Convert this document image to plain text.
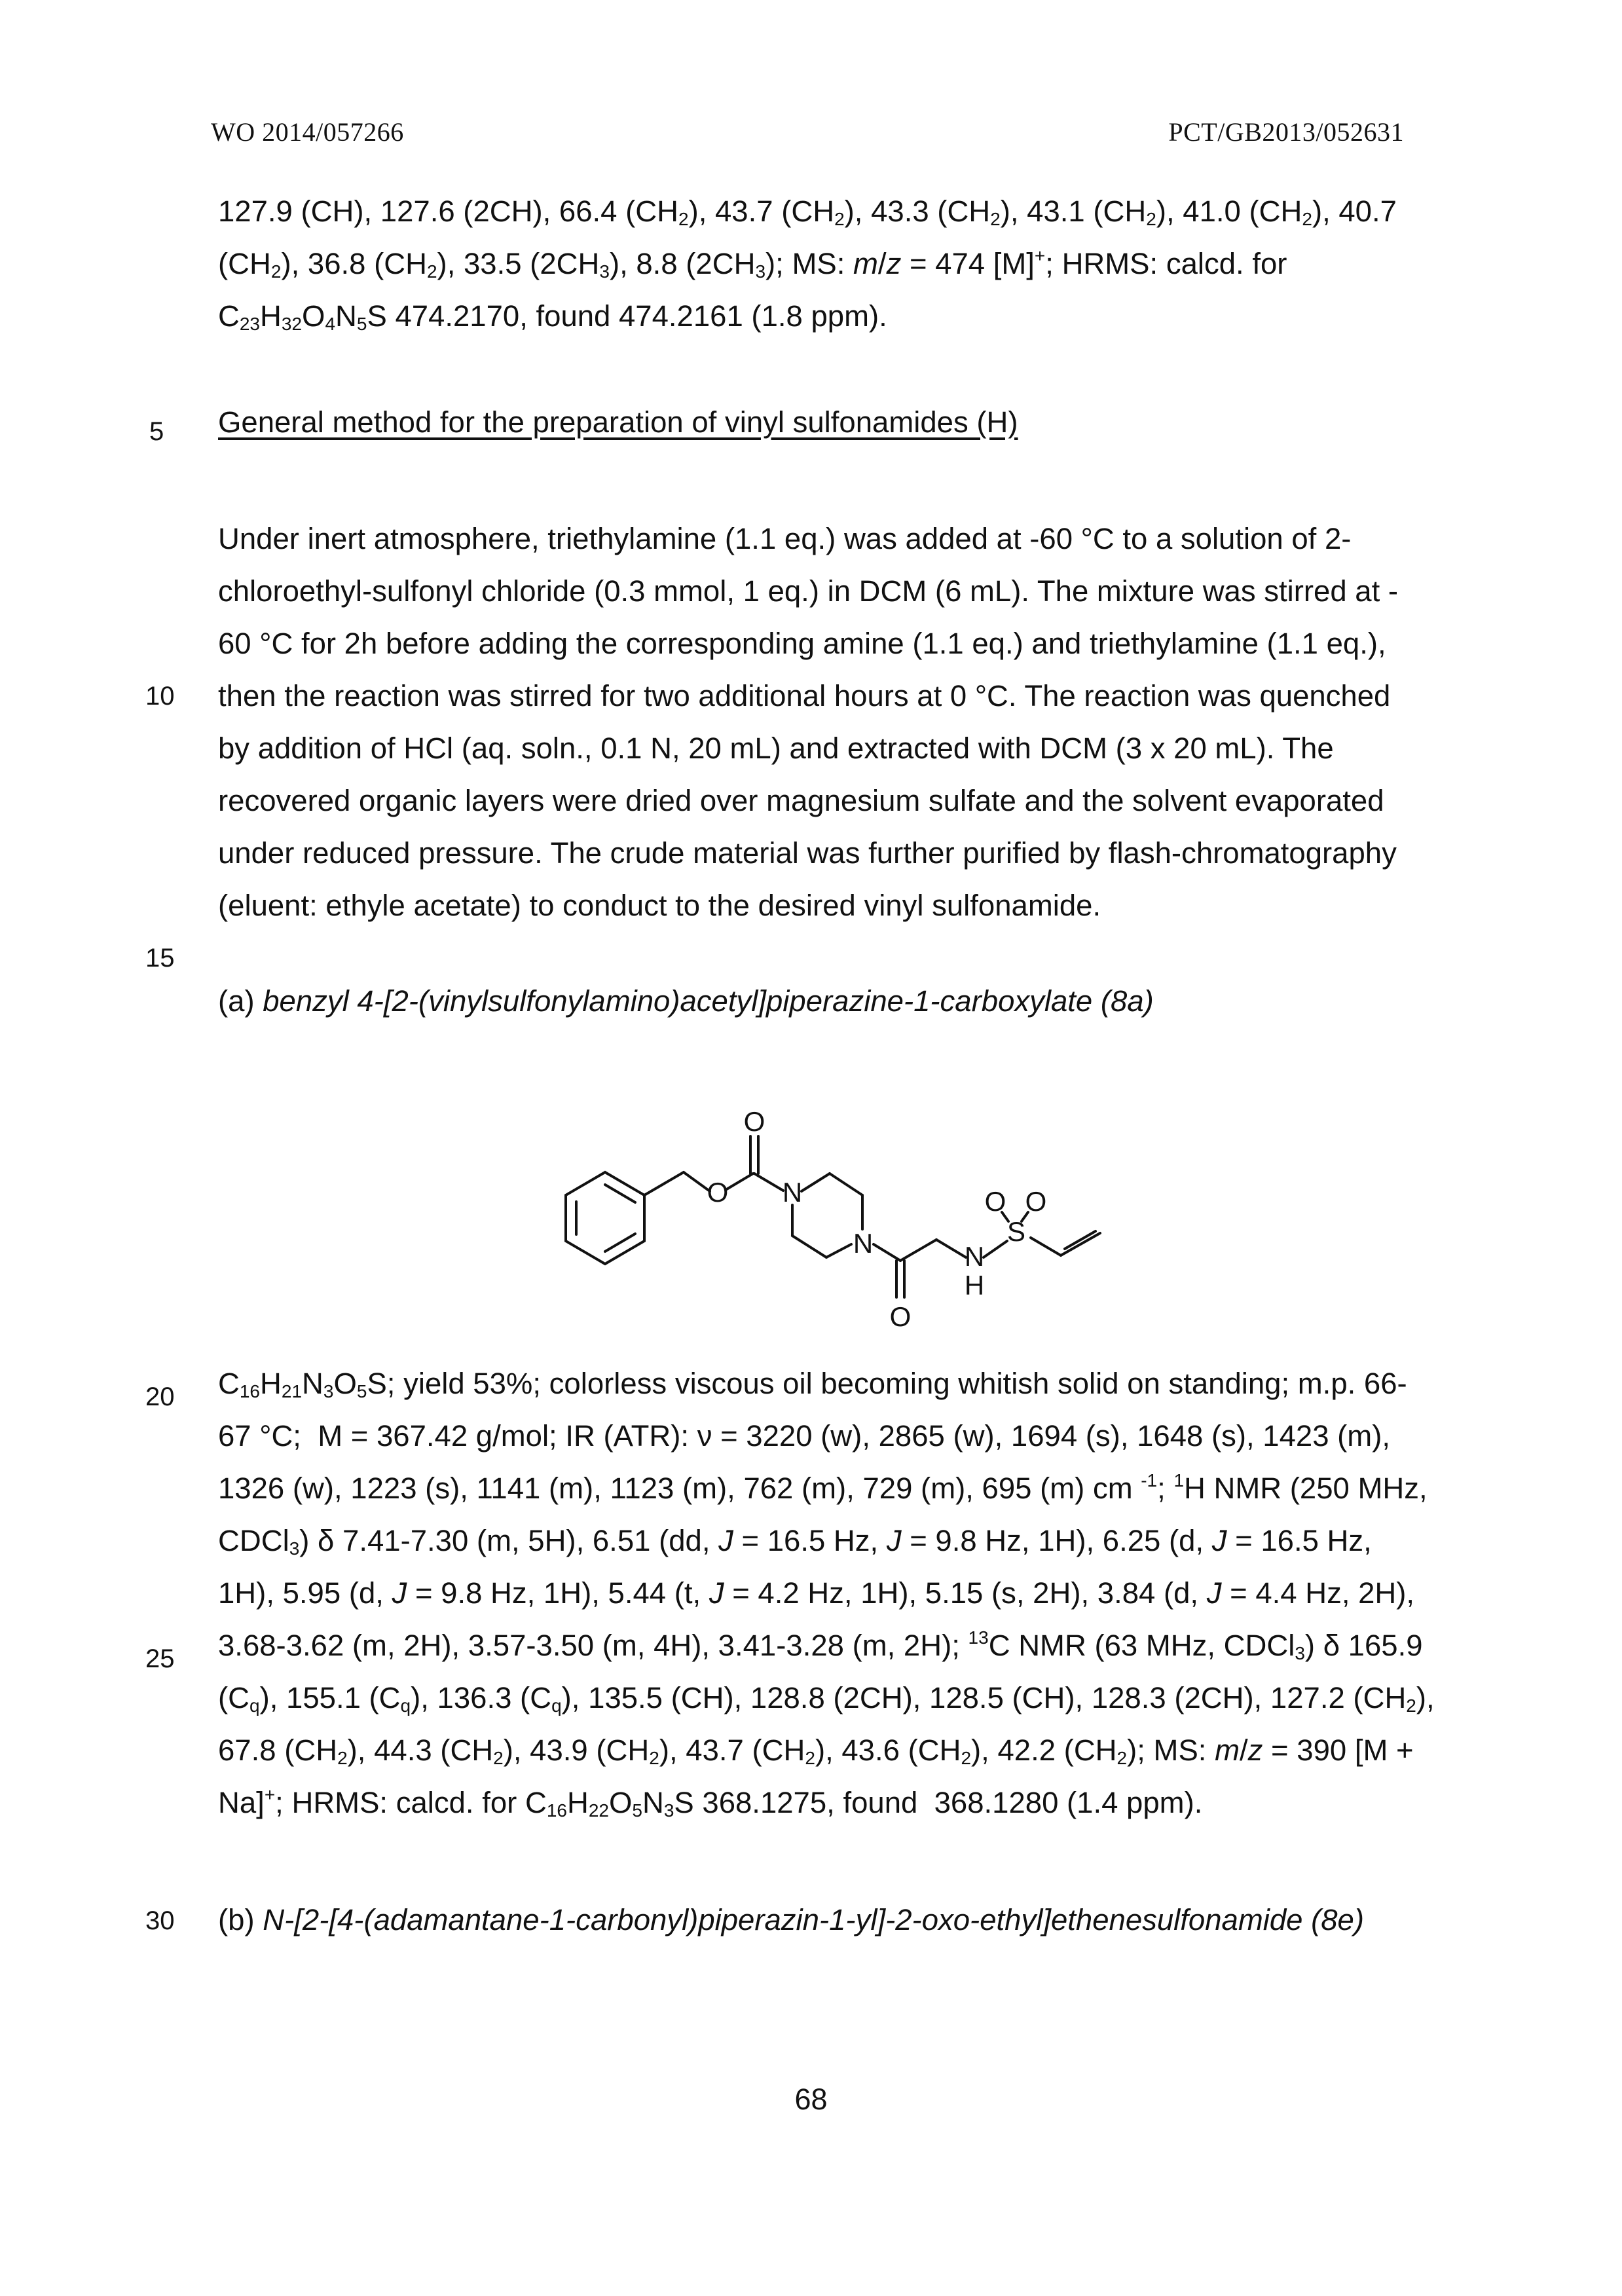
WO 2014/057266	PCT/GB2013/052631
127.9 (CH), 127.6 (2CH), 66.4 $(CH_2)$, 43.7 $(CH_2)$, 43.3 $(CH_2)$, 43.1 $(CH_2)$, 41.0 $(CH_2)$, 40.7
$(CH_2)$, 36.8 $(CH_2)$, 33.5 $(2CH_3)$, 8.8 $(2CH_3)$; MS: m/z = 474 [M]+; HRMS: calcd. for
$C_{23}H_{32}O_4N_5S$ 474.2170, found 474.2161 (1.8 ppm).
5 General method for the preparation of vinyl sulfonamides (H)
Under inert atmosphere, triethylamine (1.1 eq.) was added at -60 °C to a solution of 2-
chloroethyl-sulfonyl chloride (0.3 mmol, 1 eq.) in DCM (6 mL). The mixture was stirred at -
60 °C for 2h before adding the corresponding amine (1.1 eq.) and triethylamine (1.1 eq.),
then the reaction was stirred for two additional hours at 0 °C. The reaction was quenched
by addition of HCl (aq. soln., 0.1 N, 20 mL) and extracted with DCM (3 x 20 mL). The
recovered organic layers were dried over magnesium sulfate and the solvent evaporated
under reduced pressure. The crude material was further purified by flash-chromatography
(eluent: ethyle acetate) to conduct to the desired vinyl sulfonamide.
10
15
(a) benzyl 4-[2-(vinylsulfonylamino)acetyl]piperazine-1-carboxylate (8a)
O
O N
N
O
N
H
S
O O
$C_{16}H_{21}N_3O_5S$; yield 53%; colorless viscous oil becoming whitish solid on standing; m.p. 66-
67 °C;  M = 367.42 g/mol; IR (ATR): ν = 3220 (w), 2865 (w), 1694 (s), 1648 (s), 1423 (m),
1326 (w), 1223 (s), 1141 (m), 1123 (m), 762 (m), 729 (m), 695 (m) cm $^{-1}$; $^1$H NMR (250 MHz,
CDCl$_3$) δ 7.41-7.30 (m, 5H), 6.51 (dd, J = 16.5 Hz, J = 9.8 Hz, 1H), 6.25 (d, J = 16.5 Hz,
1H), 5.95 (d, J = 9.8 Hz, 1H), 5.44 (t, J = 4.2 Hz, 1H), 5.15 (s, 2H), 3.84 (d, J = 4.4 Hz, 2H),
3.68-3.62 (m, 2H), 3.57-3.50 (m, 4H), 3.41-3.28 (m, 2H); $^{13}$C NMR (63 MHz, CDCl$_3$) δ 165.9
$(C_q)$, 155.1 $(C_q)$, 136.3 $(C_q)$, 135.5 (CH), 128.8 (2CH), 128.5 (CH), 128.3 (2CH), 127.2 $(CH_2)$,
67.8 $(CH_2)$, 44.3 $(CH_2)$, 43.9 $(CH_2)$, 43.7 $(CH_2)$, 43.6 $(CH_2)$, 42.2 $(CH_2)$; MS: m/z = 390 [M +
Na]+; HRMS: calcd. for $C_{16}H_{22}O_5N_3S$ 368.1275, found  368.1280 (1.4 ppm).
20
25
30 (b) N-[2-[4-(adamantane-1-carbonyl)piperazin-1-yl]-2-oxo-ethyl]ethenesulfonamide (8e)
68
